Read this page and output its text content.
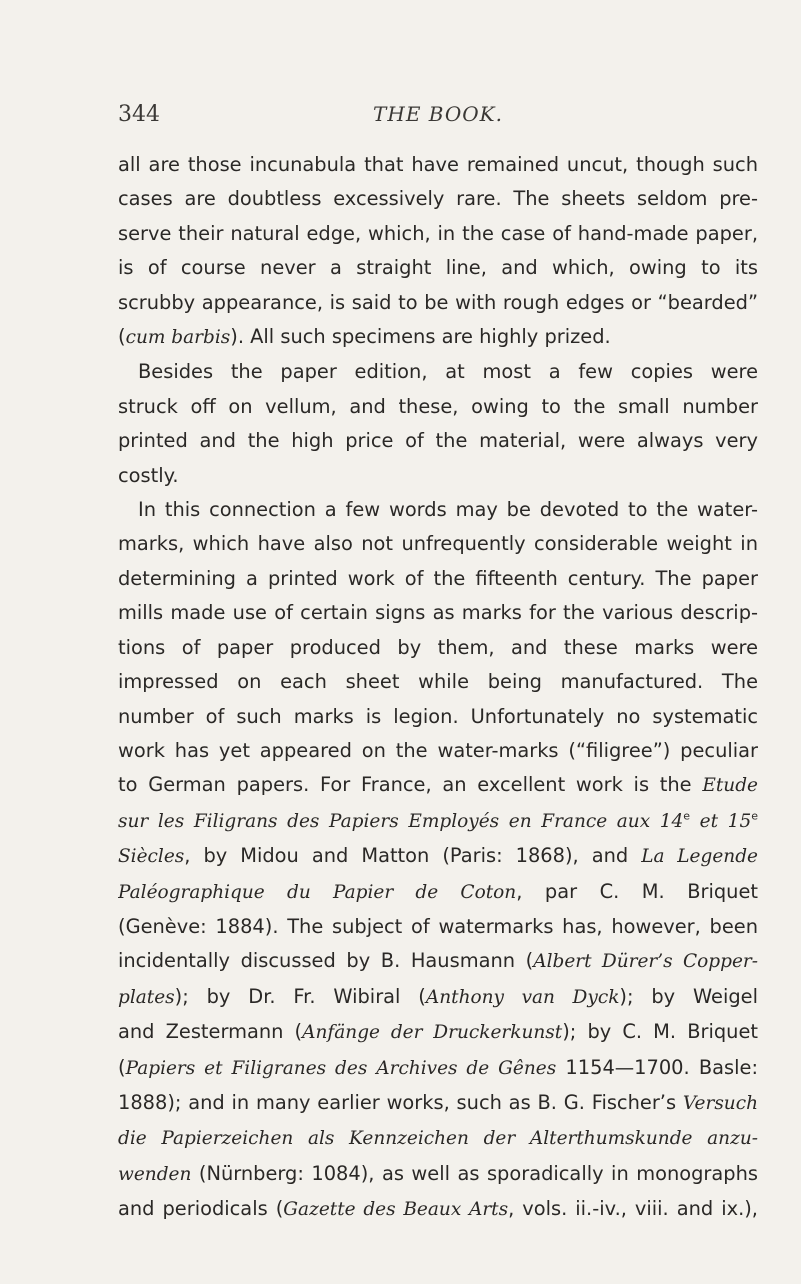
344	THE BOOK.
all are those incunabula that have remained uncut, though such
cases are doubtless excessively rare. The sheets seldom pre-
serve their natural edge, which, in the case of hand-made paper,
is of course never a straight line, and which, owing to its
scrubby appearance, is said to be with rough edges or “bearded”
(cum barbis). All such specimens are highly prized.
Besides the paper edition, at most a few copies were
struck off on vellum, and these, owing to the small number
printed and the high price of the material, were always very
costly.
In this connection a few words may be devoted to the water-
marks, which have also not unfrequently considerable weight in
determining a printed work of the fifteenth century. The paper
mills made use of certain signs as marks for the various descrip-
tions of paper produced by them, and these marks were
impressed on each sheet while being manufactured. The
number of such marks is legion. Unfortunately no systematic
work has yet appeared on the water-marks (“filigree”) peculiar
to German papers. For France, an excellent work is the Etude
sur les Filigrans des Papiers Employés en France aux 14e et 15e
Siècles, by Midou and Matton (Paris: 1868), and La Legende
Paléographique du Papier de Coton, par C. M. Briquet
(Genève: 1884). The subject of watermarks has, however, been
incidentally discussed by B. Hausmann (Albert Dürer’s Copper-
plates); by Dr. Fr. Wibiral (Anthony van Dyck); by Weigel
and Zestermann (Anfänge der Druckerkunst); by C. M. Briquet
(Papiers et Filigranes des Archives de Gênes 1154—1700. Basle:
1888); and in many earlier works, such as B. G. Fischer’s Versuch
die Papierzeichen als Kennzeichen der Alterthumskunde anzu-
wenden (Nürnberg: 1084), as well as sporadically in monographs
and periodicals (Gazette des Beaux Arts, vols. ii.-iv., viii. and ix.),
